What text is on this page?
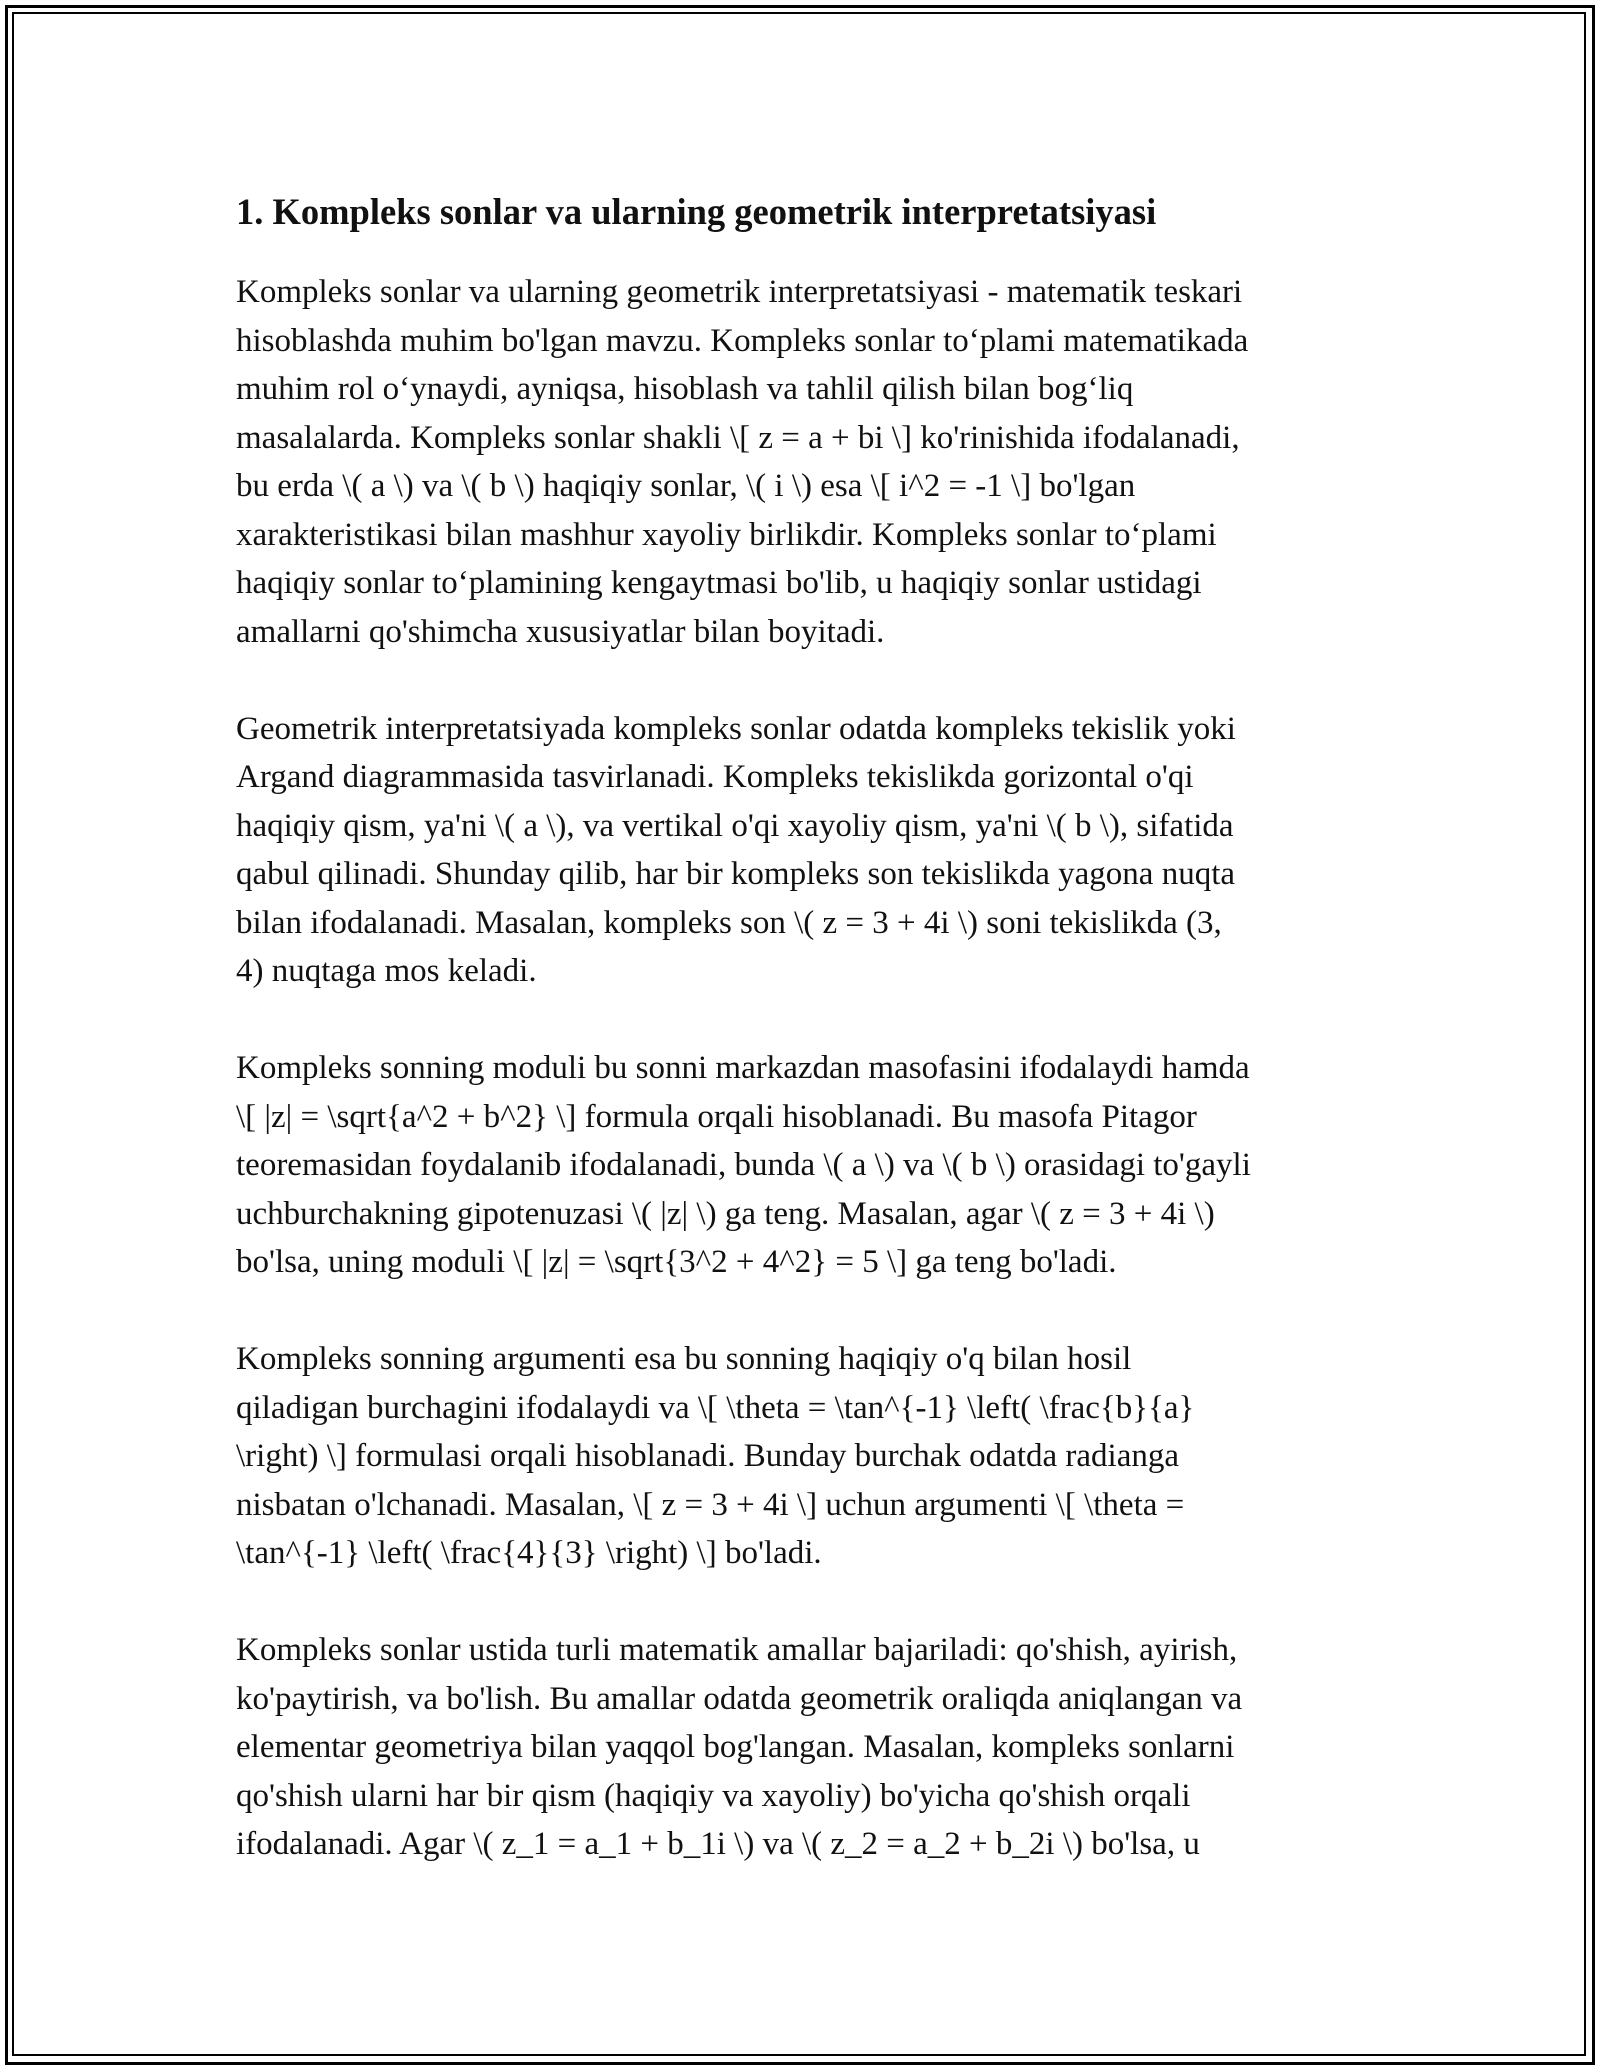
1. Kompleks sonlar va ularning geometrik interpretatsiyasi
Kompleks sonlar va ularning geometrik interpretatsiyasi - matematik teskari
hisoblashda muhim bo'lgan mavzu. Kompleks sonlar to‘plami matematikada
muhim rol o‘ynaydi, ayniqsa, hisoblash va tahlil qilish bilan bog‘liq
masalalarda. Kompleks sonlar shakli \[ z = a + bi \] ko'rinishida ifodalanadi,
bu erda \( a \) va \( b \) haqiqiy sonlar, \( i \) esa \[ i^2 = -1 \] bo'lgan
xarakteristikasi bilan mashhur xayoliy birlikdir. Kompleks sonlar to‘plami
haqiqiy sonlar to‘plamining kengaytmasi bo'lib, u haqiqiy sonlar ustidagi
amallarni qo'shimcha xususiyatlar bilan boyitadi.
Geometrik interpretatsiyada kompleks sonlar odatda kompleks tekislik yoki
Argand diagrammasida tasvirlanadi. Kompleks tekislikda gorizontal o'qi
haqiqiy qism, ya'ni \( a \), va vertikal o'qi xayoliy qism, ya'ni \( b \), sifatida
qabul qilinadi. Shunday qilib, har bir kompleks son tekislikda yagona nuqta
bilan ifodalanadi. Masalan, kompleks son \( z = 3 + 4i \) soni tekislikda (3,
4) nuqtaga mos keladi.
Kompleks sonning moduli bu sonni markazdan masofasini ifodalaydi hamda
\[ |z| = \sqrt{a^2 + b^2} \] formula orqali hisoblanadi. Bu masofa Pitagor
teoremasidan foydalanib ifodalanadi, bunda \( a \) va \( b \) orasidagi to'gayli
uchburchakning gipotenuzasi \( |z| \) ga teng. Masalan, agar \( z = 3 + 4i \)
bo'lsa, uning moduli \[ |z| = \sqrt{3^2 + 4^2} = 5 \] ga teng bo'ladi.
Kompleks sonning argumenti esa bu sonning haqiqiy o'q bilan hosil
qiladigan burchagini ifodalaydi va \[ \theta = \tan^{-1} \left( \frac{b}{a}
\right) \] formulasi orqali hisoblanadi. Bunday burchak odatda radianga
nisbatan o'lchanadi. Masalan, \[ z = 3 + 4i \] uchun argumenti \[ \theta =
\tan^{-1} \left( \frac{4}{3} \right) \] bo'ladi.
Kompleks sonlar ustida turli matematik amallar bajariladi: qo'shish, ayirish,
ko'paytirish, va bo'lish. Bu amallar odatda geometrik oraliqda aniqlangan va
elementar geometriya bilan yaqqol bog'langan. Masalan, kompleks sonlarni
qo'shish ularni har bir qism (haqiqiy va xayoliy) bo'yicha qo'shish orqali
ifodalanadi. Agar \( z_1 = a_1 + b_1i \) va \( z_2 = a_2 + b_2i \) bo'lsa, u
